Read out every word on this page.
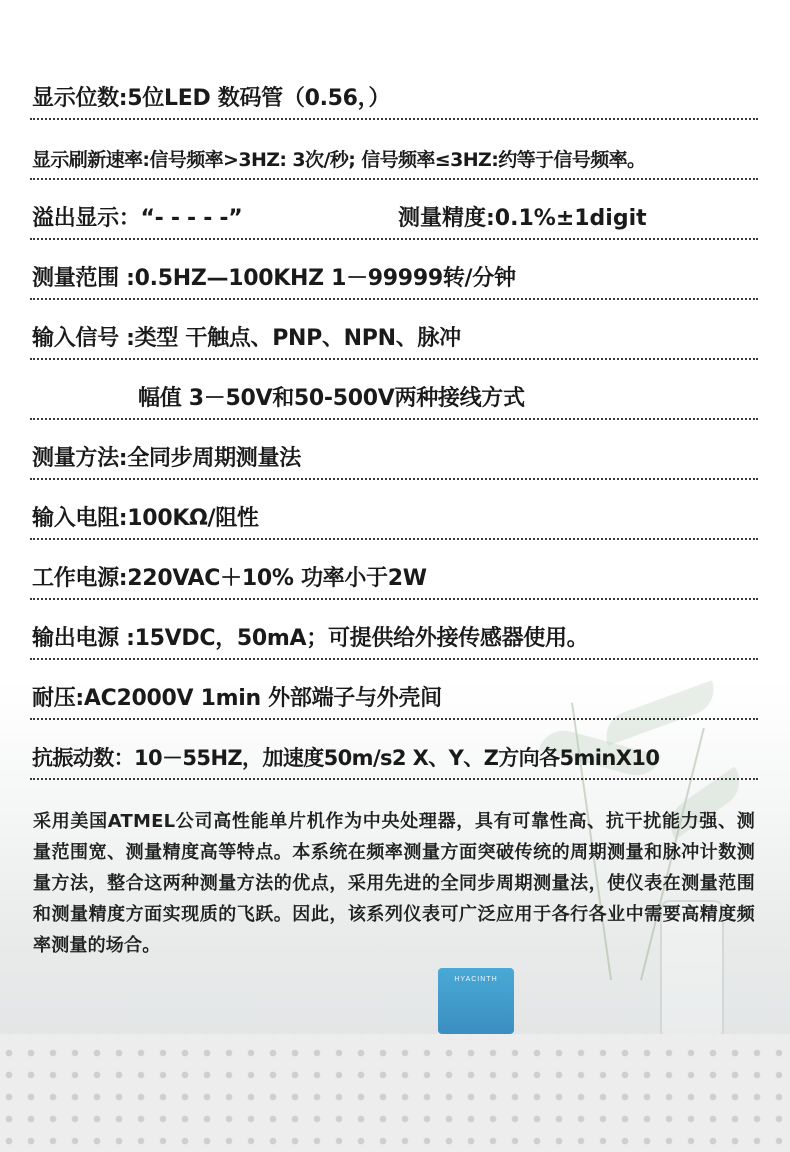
HYACINTH
显示位数:5位LED 数码管（0.56，）
显示刷新速率:信号频率>3HZ: 3次/秒; 信号频率≤3HZ:约等于信号频率。
溢出显示：“- - - - -”	测量精度:0.1%±1digit
测量范围 :0.5HZ—100KHZ 1－99999转/分钟
输入信号 :类型 干触点、PNP、NPN、脉冲
幅值 3－50V和50-500V两种接线方式
测量方法:全同步周期测量法
输入电阻:100KΩ/阻性
工作电源:220VAC＋10% 功率小于2W
输出电源 :15VDC，50mA；可提供给外接传感器使用。
耐压:AC2000V 1min 外部端子与外壳间
抗振动数：10－55HZ，加速度50m/s2 X、Y、Z方向各5minX10
采用美国ATMEL公司高性能单片机作为中央处理器，具有可靠性高、抗干扰能力强、测量范围宽、测量精度高等特点。本系统在频率测量方面突破传统的周期测量和脉冲计数测量方法，整合这两种测量方法的优点，采用先进的全同步周期测量法，使仪表在测量范围和测量精度方面实现质的飞跃。因此，该系列仪表可广泛应用于各行各业中需要高精度频率测量的场合。
